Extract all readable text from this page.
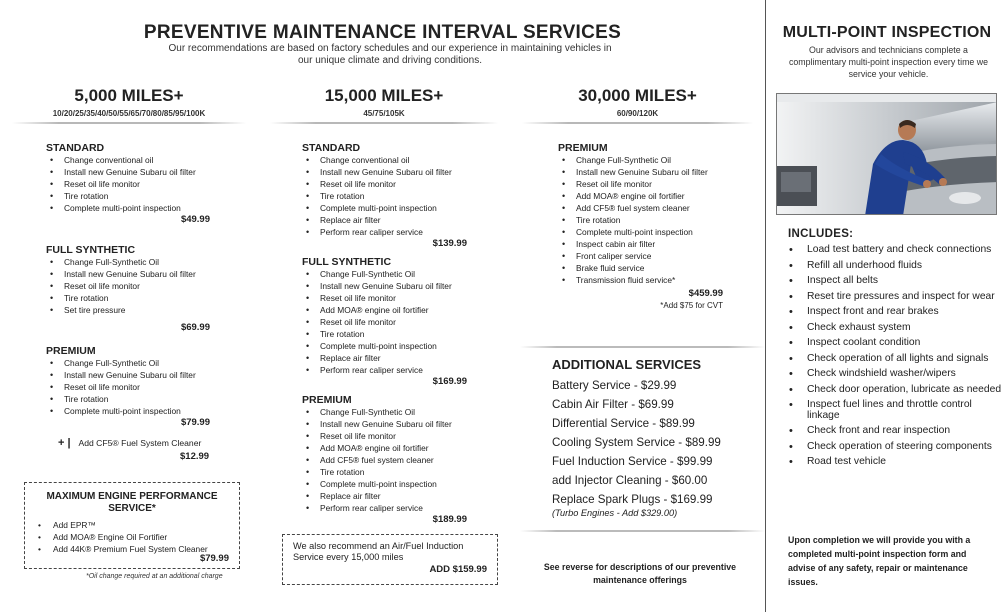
PREVENTIVE MAINTENANCE INTERVAL SERVICES

Our recommendations are based on factory schedules and our experience in maintaining vehicles in our unique climate and driving conditions.

5,000 MILES+
10/20/25/35/40/50/55/65/70/80/85/95/100K
STANDARD
• Change conventional oil
• Install new Genuine Subaru oil filter
• Reset oil life monitor
• Tire rotation
• Complete multi-point inspection
$49.99
FULL SYNTHETIC
• Change Full-Synthetic Oil
• Install new Genuine Subaru oil filter
• Reset oil life monitor
• Tire rotation
• Set tire pressure
$69.99
PREMIUM
• Change Full-Synthetic Oil
• Install new Genuine Subaru oil filter
• Reset oil life monitor
• Tire rotation
• Complete multi-point inspection
$79.99
+ | Add CF5® Fuel System Cleaner
$12.99
15,000 MILES+
45/75/105K
STANDARD
• Change conventional oil
• Install new Genuine Subaru oil filter
• Reset oil life monitor
• Tire rotation
• Complete multi-point inspection
• Replace air filter
• Perform rear caliper service
$139.99
FULL SYNTHETIC
• Change Full-Synthetic Oil
• Install new Genuine Subaru oil filter
• Reset oil life monitor
• Add MOA® engine oil fortifier
• Reset oil life monitor
• Tire rotation
• Complete multi-point inspection
• Replace air filter
• Perform rear caliper service
$169.99
PREMIUM
• Change Full-Synthetic Oil
• Install new Genuine Subaru oil filter
• Reset oil life monitor
• Add MOA® engine oil fortifier
• Add CF5® fuel system cleaner
• Tire rotation
• Complete multi-point inspection
• Replace air filter
• Perform rear caliper service
$189.99
30,000 MILES+
60/90/120K
PREMIUM
• Change Full-Synthetic Oil
• Install new Genuine Subaru oil filter
• Reset oil life monitor
• Add MOA® engine oil fortifier
• Add CF5® fuel system cleaner
• Tire rotation
• Complete multi-point inspection
• Inspect cabin air filter
• Front caliper service
• Brake fluid service
• Transmission fluid service*
$459.99
*Add $75 for CVT
MAXIMUM ENGINE PERFORMANCE SERVICE*
• Add EPR™
• Add MOA® Engine Oil Fortifier
• Add 44K® Premium Fuel System Cleaner
$79.99
*Oil change required at an additional charge
We also recommend an Air/Fuel Induction Service every 15,000 miles
ADD $159.99
ADDITIONAL SERVICES
Battery Service - $29.99
Cabin Air Filter - $69.99
Differential Service - $89.99
Cooling System Service - $89.99
Fuel Induction Service - $99.99
add Injector Cleaning - $60.00
Replace Spark Plugs - $169.99
(Turbo Engines - Add $329.00)
See reverse for descriptions of our preventive maintenance offerings
MULTI-POINT INSPECTION
Our advisors and technicians complete a complimentary multi-point inspection every time we service your vehicle.
INCLUDES:
• Load test battery and check connections
• Refill all underhood fluids
• Inspect all belts
• Reset tire pressures and inspect for wear
• Inspect front and rear brakes
• Check exhaust system
• Inspect coolant condition
• Check operation of all lights and signals
• Check windshield washer/wipers
• Check door operation, lubricate as needed
• Inspect fuel lines and throttle control linkage
• Check front and rear inspection
• Check operation of steering components
• Road test vehicle
Upon completion we will provide you with a completed multi-point inspection form and advise of any safety, repair or maintenance issues.
